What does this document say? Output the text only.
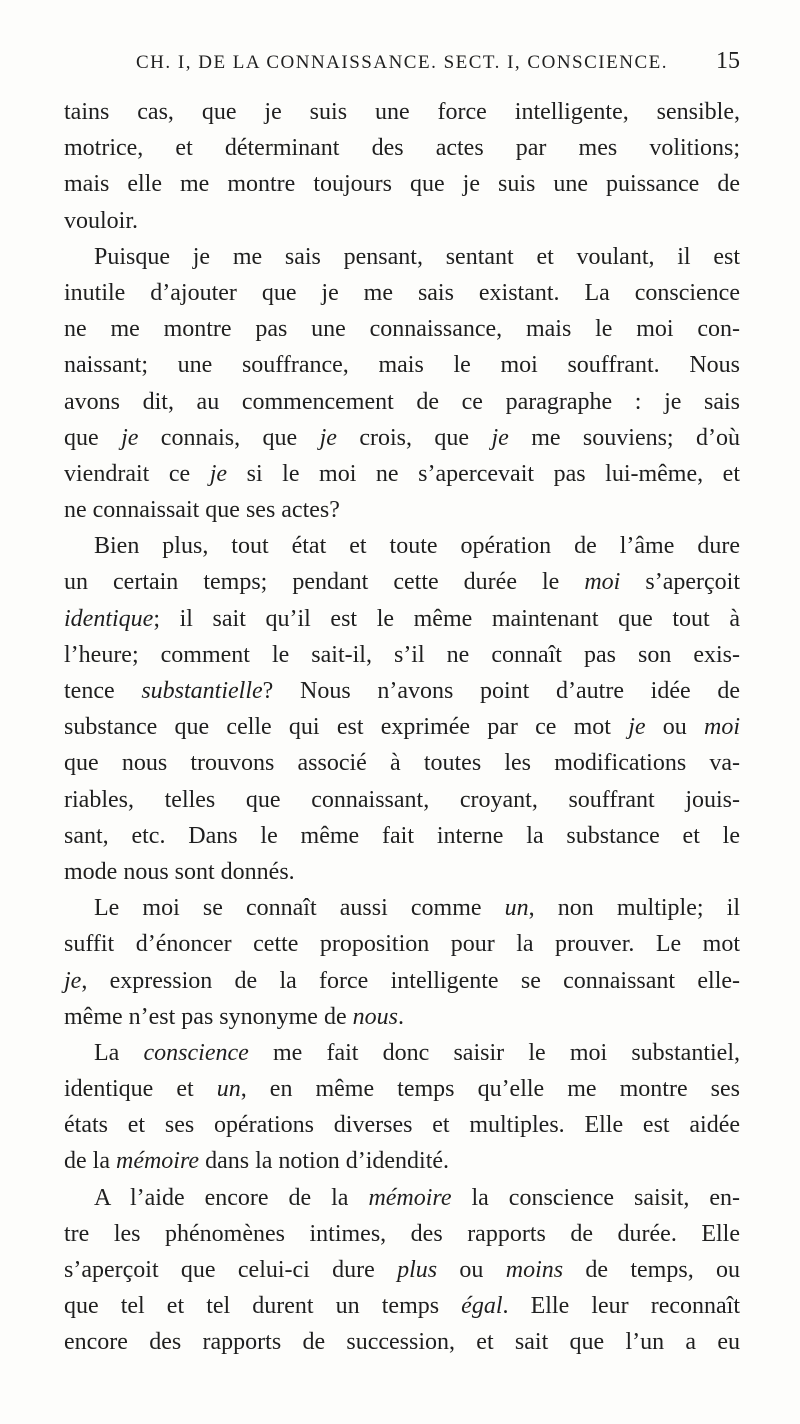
CH. I, DE LA CONNAISSANCE. SECT. I, CONSCIENCE. 15
tains cas, que je suis une force intelligente, sensible,
motrice, et déterminant des actes par mes volitions;
mais elle me montre toujours que je suis une puissance de
vouloir.
Puisque je me sais pensant, sentant et voulant, il est
inutile d’ajouter que je me sais existant. La conscience
ne me montre pas une connaissance, mais le moi con-
naissant; une souffrance, mais le moi souffrant. Nous
avons dit, au commencement de ce paragraphe : je sais
que je connais, que je crois, que je me souviens; d’où
viendrait ce je si le moi ne s’apercevait pas lui-même, et
ne connaissait que ses actes?
Bien plus, tout état et toute opération de l’âme dure
un certain temps; pendant cette durée le moi s’aperçoit
identique; il sait qu’il est le même maintenant que tout à
l’heure; comment le sait-il, s’il ne connaît pas son exis-
tence substantielle? Nous n’avons point d’autre idée de
substance que celle qui est exprimée par ce mot je ou moi
que nous trouvons associé à toutes les modifications va-
riables, telles que connaissant, croyant, souffrant jouis-
sant, etc. Dans le même fait interne la substance et le
mode nous sont donnés.
Le moi se connaît aussi comme un, non multiple; il
suffit d’énoncer cette proposition pour la prouver. Le mot
je, expression de la force intelligente se connaissant elle-
même n’est pas synonyme de nous.
La conscience me fait donc saisir le moi substantiel,
identique et un, en même temps qu’elle me montre ses
états et ses opérations diverses et multiples. Elle est aidée
de la mémoire dans la notion d’idendité.
A l’aide encore de la mémoire la conscience saisit, en-
tre les phénomènes intimes, des rapports de durée. Elle
s’aperçoit que celui-ci dure plus ou moins de temps, ou
que tel et tel durent un temps égal. Elle leur reconnaît
encore des rapports de succession, et sait que l’un a eu
